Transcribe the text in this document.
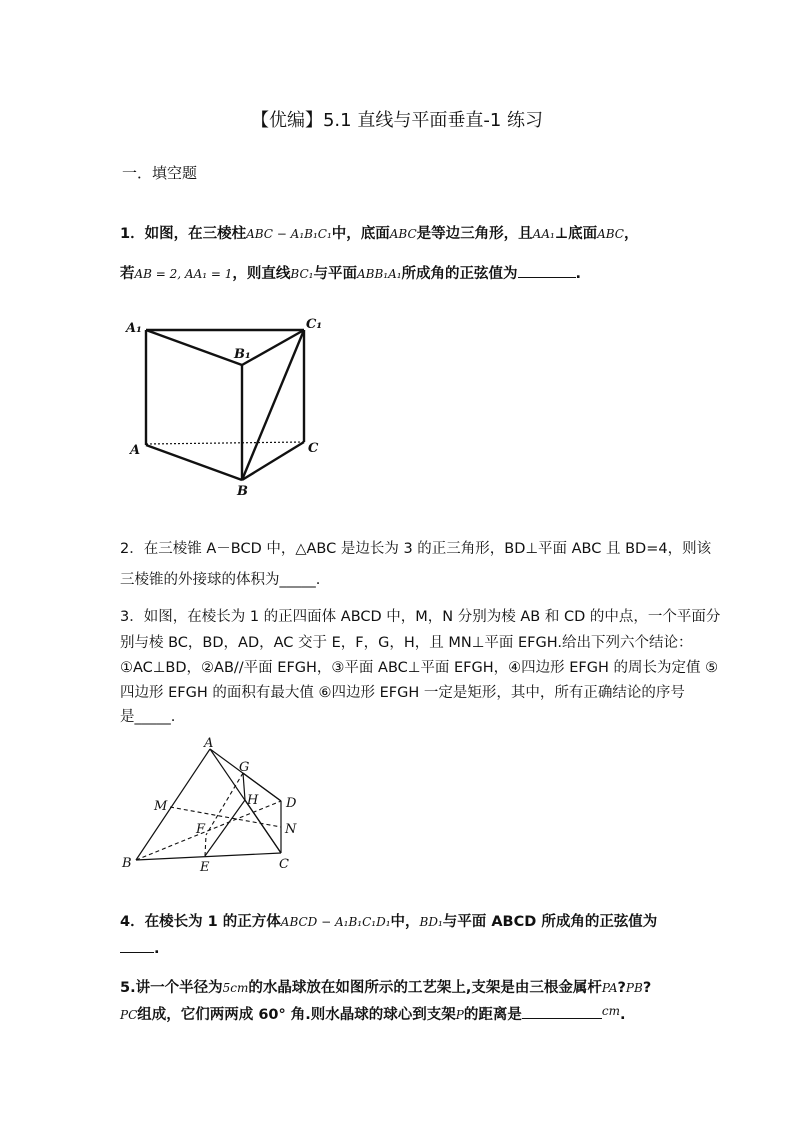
【优编】5.1 直线与平面垂直-1 练习
一．填空题
1．如图，在三棱柱ABC − A₁B₁C₁中，底面ABC是等边三角形，且AA₁⊥底面ABC，
若AB = 2, AA₁ = 1，则直线BC₁与平面ABB₁A₁所成角的正弦值为	.
A₁	C₁
B₁
A	C
B
2．在三棱锥 A－BCD 中，△ABC 是边长为 3 的正三角形，BD⊥平面 ABC 且 BD=4，则该
三棱锥的外接球的体积为_____.
3．如图，在棱长为 1 的正四面体 ABCD 中，M，N 分别为棱 AB 和 CD 的中点，一个平面分
别与棱 BC，BD，AD，AC 交于 E，F，G，H，且 MN⊥平面 EFGH.给出下列六个结论：
①AC⊥BD，②AB//平面 EFGH，③平面 ABC⊥平面 EFGH，④四边形 EFGH 的周长为定值 ⑤
四边形 EFGH 的面积有最大值 ⑥四边形 EFGH 一定是矩形，其中，所有正确结论的序号
是_____.
A
G
H D
M
F	N
B	E	C
4．在棱长为 1 的正方体ABCD − A₁B₁C₁D₁中，BD₁与平面 ABCD 所成角的正弦值为
.
5.讲一个半径为5cm的水晶球放在如图所示的工艺架上,支架是由三根金属杆PA?PB?
PC组成，它们两两成 60° 角.则水晶球的球心到支架P的距离是	$^{cm}$.
